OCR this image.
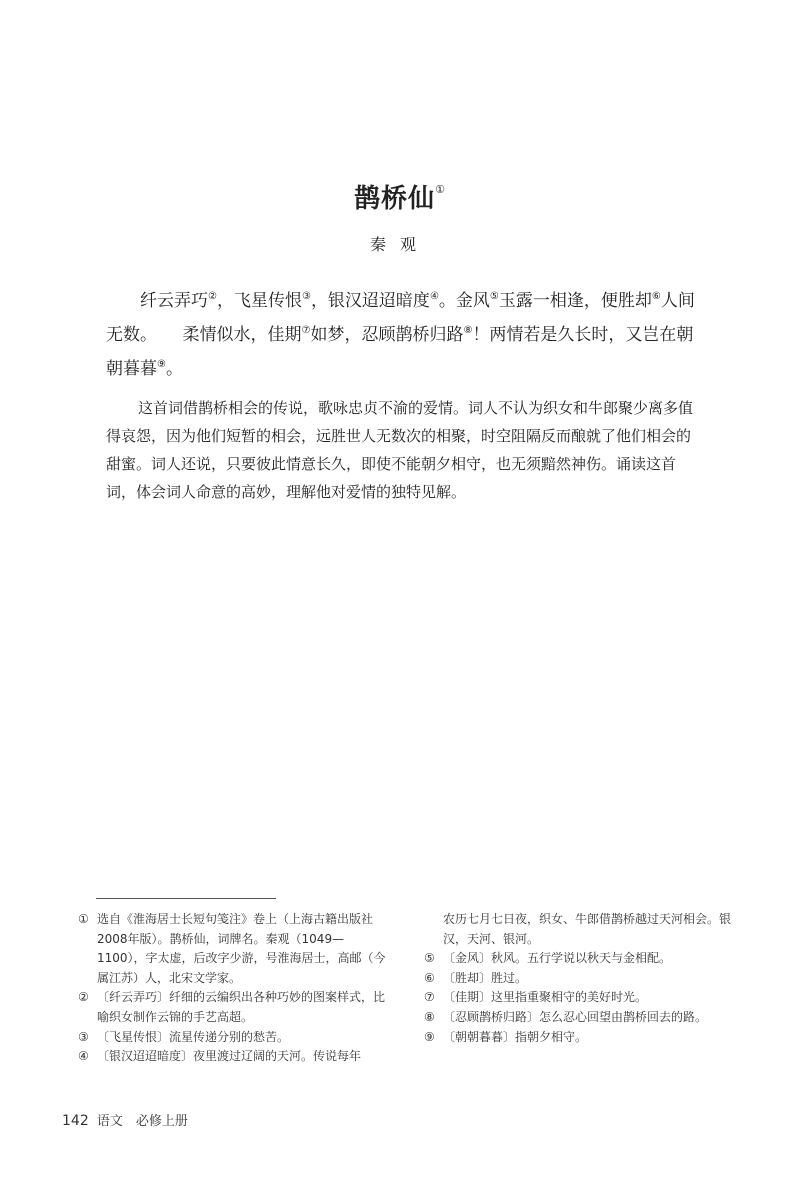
鹊桥仙①
秦观

纤云弄巧②，飞星传恨③，银汉迢迢暗度④。金风⑤玉露一相逢，便胜却⑥人间无数。　　柔情似水，佳期⑦如梦，忍顾鹊桥归路⑧！两情若是久长时，又岂在朝朝暮暮⑨。

这首词借鹊桥相会的传说，歌咏忠贞不渝的爱情。词人不认为织女和牛郎聚少离多值得哀怨，因为他们短暂的相会，远胜世人无数次的相聚，时空阻隔反而酿就了他们相会的甜蜜。词人还说，只要彼此情意长久，即使不能朝夕相守，也无须黯然神伤。诵读这首词，体会词人命意的高妙，理解他对爱情的独特见解。

① 选自《淮海居士长短句笺注》卷上（上海古籍出版社2008年版）。鹊桥仙，词牌名。秦观（1049—1100），字太虚，后改字少游，号淮海居士，高邮（今属江苏）人，北宋文学家。
② 〔纤云弄巧〕纤细的云编织出各种巧妙的图案样式，比喻织女制作云锦的手艺高超。
③ 〔飞星传恨〕流星传递分别的愁苦。
④ 〔银汉迢迢暗度〕夜里渡过辽阔的天河。传说每年
农历七月七日夜，织女、牛郎借鹊桥越过天河相会。银汉，天河、银河。
⑤ 〔金风〕秋风。五行学说以秋天与金相配。
⑥ 〔胜却〕胜过。
⑦ 〔佳期〕这里指重聚相守的美好时光。
⑧ 〔忍顾鹊桥归路〕怎么忍心回望由鹊桥回去的路。
⑨ 〔朝朝暮暮〕指朝夕相守。
142 语文　必修上册
